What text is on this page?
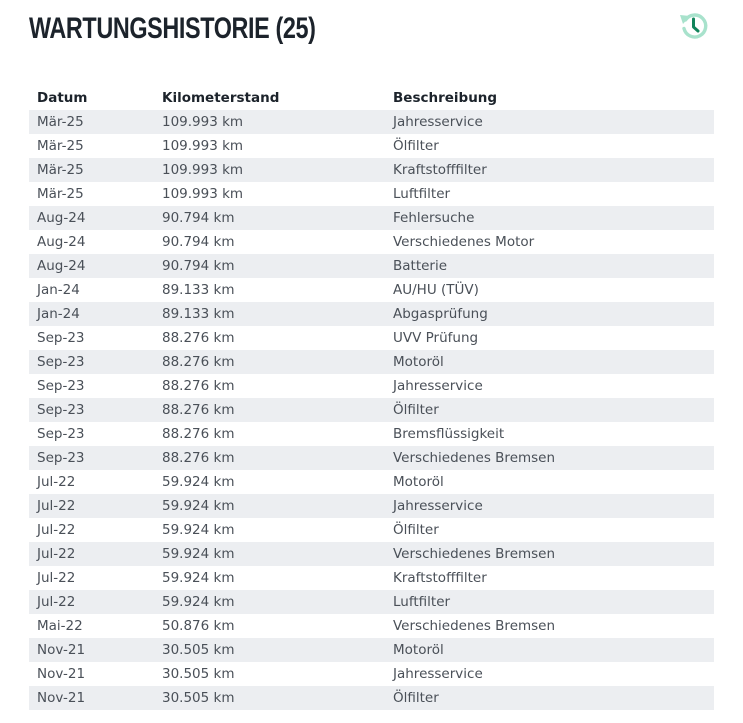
WARTUNGSHISTORIE (25)
Datum	Kilometerstand	Beschreibung
Mär-25	109.993 km	Jahresservice
Mär-25	109.993 km	Ölfilter
Mär-25	109.993 km	Kraftstofffilter
Mär-25	109.993 km	Luftfilter
Aug-24	90.794 km	Fehlersuche
Aug-24	90.794 km	Verschiedenes Motor
Aug-24	90.794 km	Batterie
Jan-24	89.133 km	AU/HU (TÜV)
Jan-24	89.133 km	Abgasprüfung
Sep-23	88.276 km	UVV Prüfung
Sep-23	88.276 km	Motoröl
Sep-23	88.276 km	Jahresservice
Sep-23	88.276 km	Ölfilter
Sep-23	88.276 km	Bremsflüssigkeit
Sep-23	88.276 km	Verschiedenes Bremsen
Jul-22	59.924 km	Motoröl
Jul-22	59.924 km	Jahresservice
Jul-22	59.924 km	Ölfilter
Jul-22	59.924 km	Verschiedenes Bremsen
Jul-22	59.924 km	Kraftstofffilter
Jul-22	59.924 km	Luftfilter
Mai-22	50.876 km	Verschiedenes Bremsen
Nov-21	30.505 km	Motoröl
Nov-21	30.505 km	Jahresservice
Nov-21	30.505 km	Ölfilter
